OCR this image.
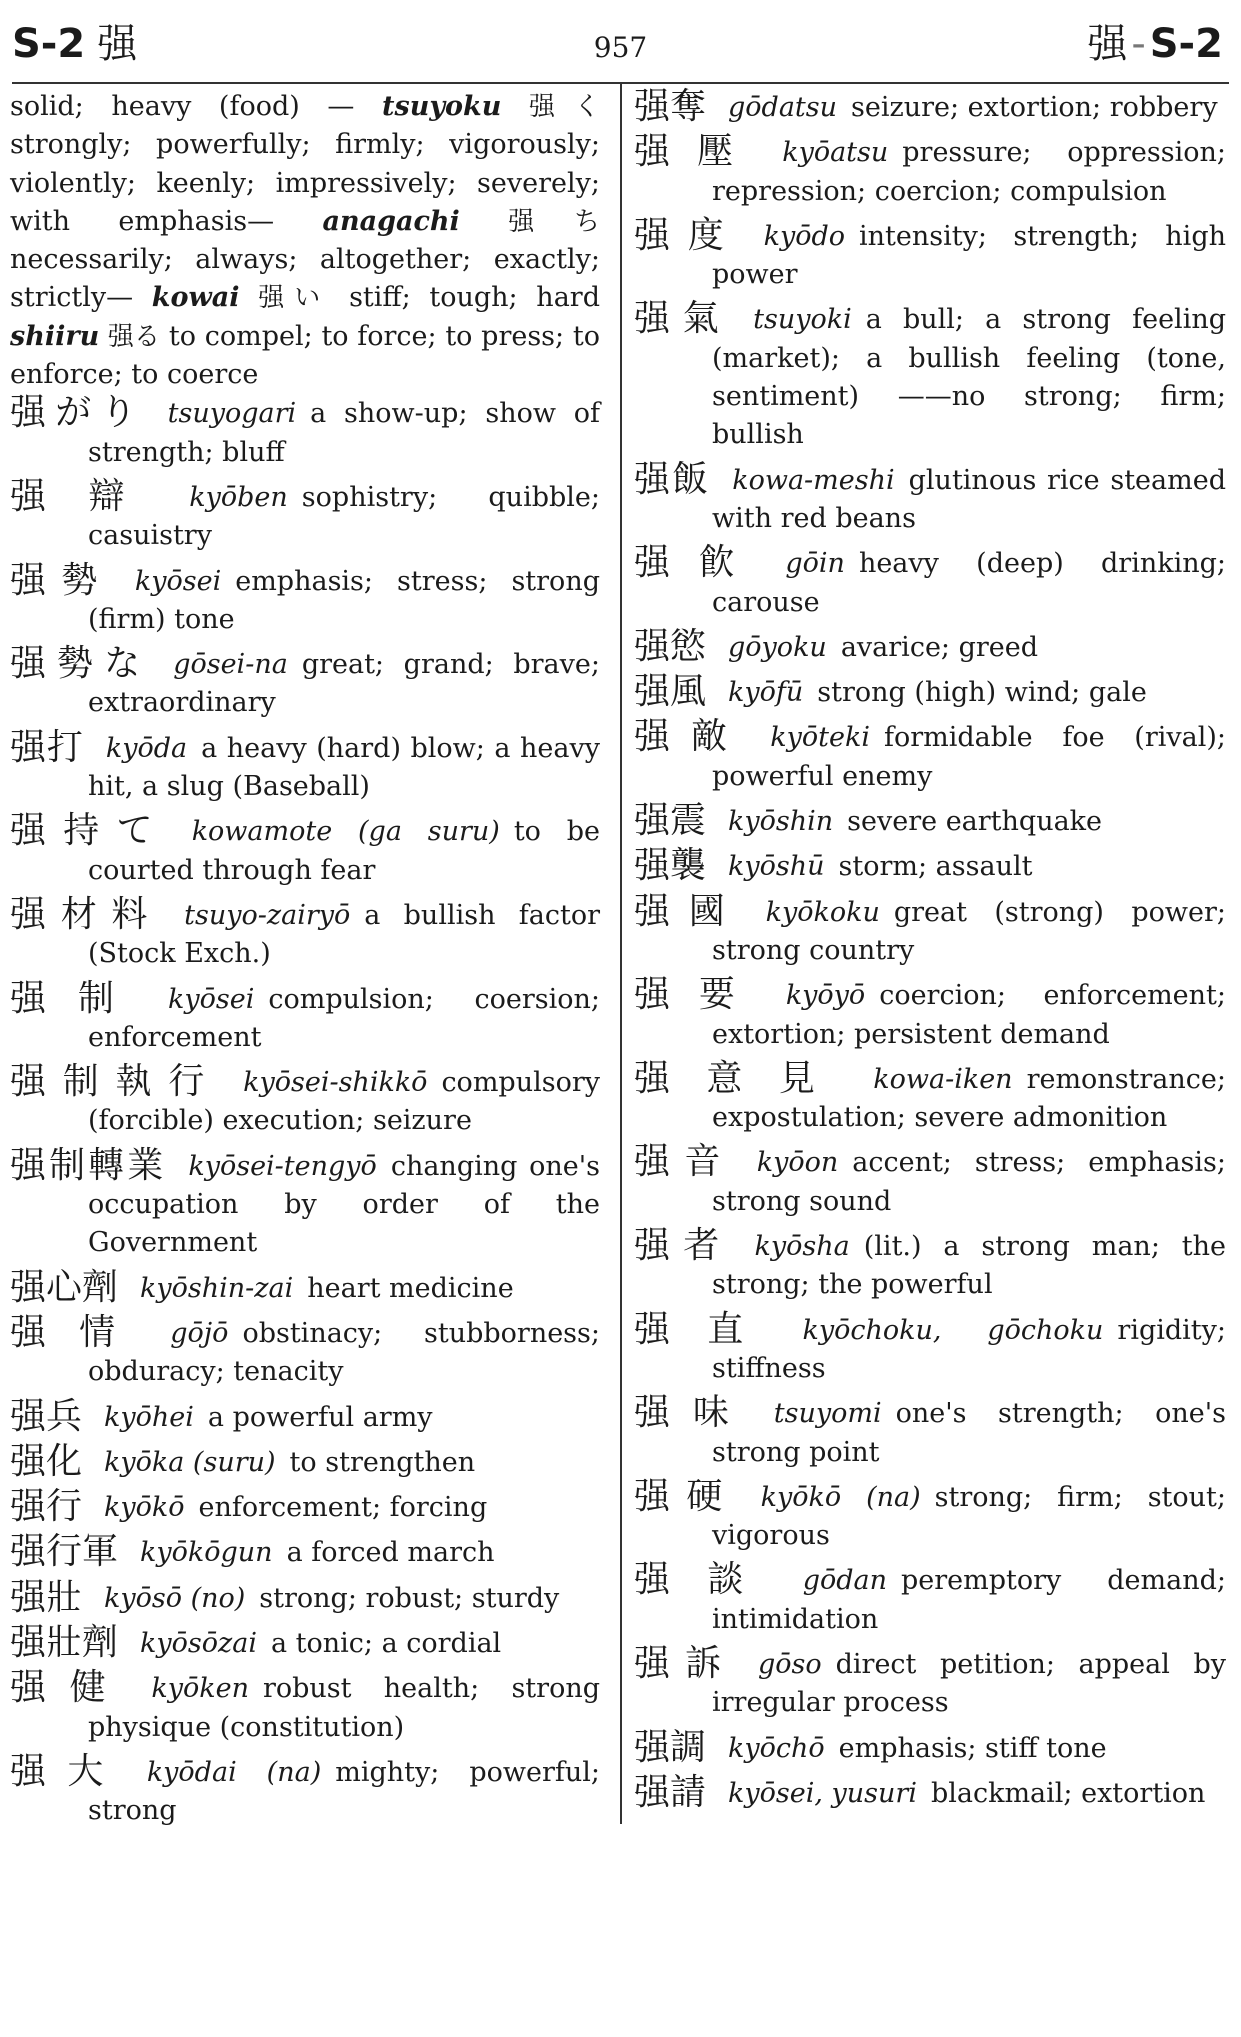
S-2 强	957	强 - S-2

solid; heavy (food) — tsuyoku 强く strongly; powerfully; firmly; vigorously; violently; keenly; impressively; severely; with emphasis— anagachi 强ち necessarily; always; altogether; exactly; strictly— kowai 强い stiff; tough; hard shiiru 强る to compel; to force; to press; to enforce; to coerce

强がり tsuyogari a show-up; show of strength; bluff

强辯 kyōben sophistry; quibble; casuistry

强勢 kyōsei emphasis; stress; strong (firm) tone

强勢な gōsei-na great; grand; brave; extraordinary

强打 kyōda a heavy (hard) blow; a heavy hit, a slug (Baseball)

强持て kowamote (ga suru) to be courted through fear

强材料 tsuyo-zairyō a bullish factor (Stock Exch.)

强制 kyōsei compulsion; coersion; enforcement

强制執行 kyōsei-shikkō compulsory (forcible) execution; seizure

强制轉業 kyōsei-tengyō changing one's occupation by order of the Government

强心劑 kyōshin-zai heart medicine

强情 gōjō obstinacy; stubborness; obduracy; tenacity

强兵 kyōhei a powerful army

强化 kyōka (suru) to strengthen

强行 kyōkō enforcement; forcing

强行軍 kyōkōgun a forced march

强壯 kyōsō (no) strong; robust; sturdy

强壯劑 kyōsōzai a tonic; a cordial

强健 kyōken robust health; strong physique (constitution)

强大 kyōdai (na) mighty; powerful; strong

强奪 gōdatsu seizure; extortion; robbery

强壓 kyōatsu pressure; oppression; repression; coercion; compulsion

强度 kyōdo intensity; strength; high power

强氣 tsuyoki a bull; a strong feeling (market); a bullish feeling (tone, sentiment) ——no strong; firm; bullish

强飯 kowa-meshi glutinous rice steamed with red beans

强飮 gōin heavy (deep) drinking; carouse

强慾 gōyoku avarice; greed

强風 kyōfū strong (high) wind; gale

强敵 kyōteki formidable foe (rival); powerful enemy

强震 kyōshin severe earthquake

强襲 kyōshū storm; assault

强國 kyōkoku great (strong) power; strong country

强要 kyōyō coercion; enforcement; extortion; persistent demand

强意見 kowa-iken remonstrance; expostulation; severe admonition

强音 kyōon accent; stress; emphasis; strong sound

强者 kyōsha (lit.) a strong man; the strong; the powerful

强直 kyōchoku, gōchoku rigidity; stiffness

强味 tsuyomi one's strength; one's strong point

强硬 kyōkō (na) strong; firm; stout; vigorous

强談 gōdan peremptory demand; intimidation

强訴 gōso direct petition; appeal by irregular process

强調 kyōchō emphasis; stiff tone

强請 kyōsei, yusuri blackmail; extortion
